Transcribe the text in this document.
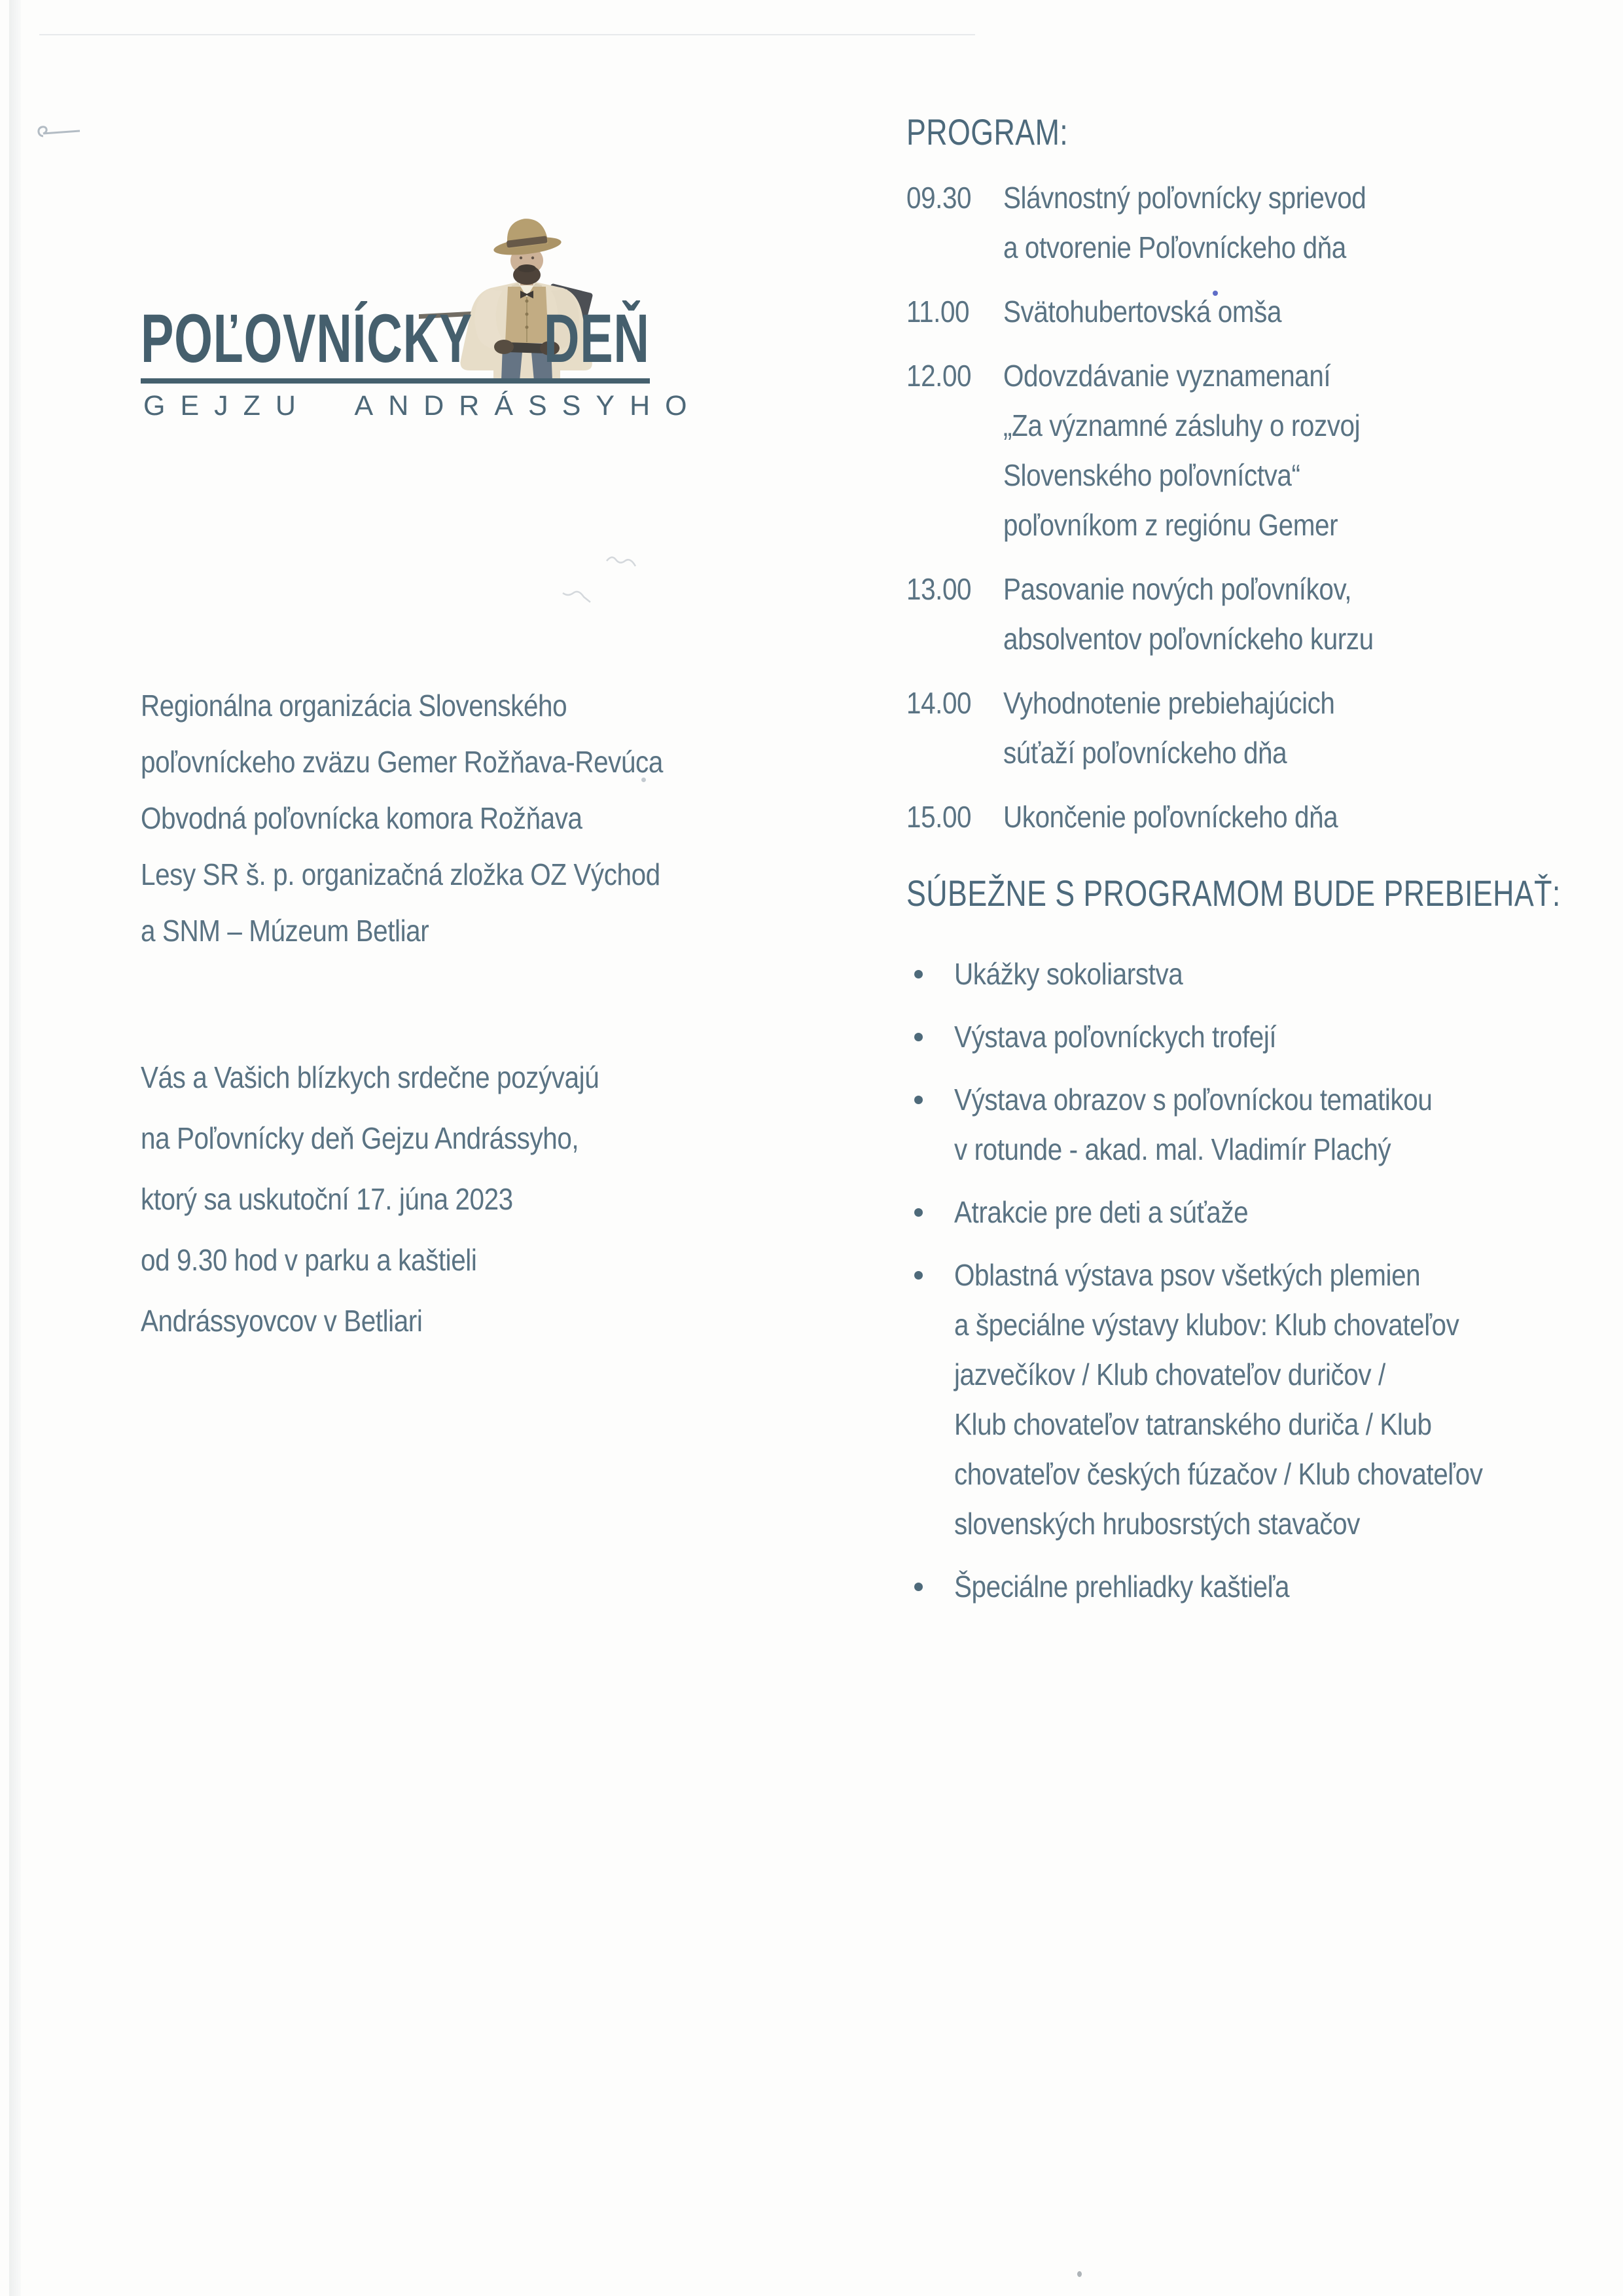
POĽOVNÍCKY DEŇ
GEJZU ANDRÁSSYHO
Regionálna organizácia Slovenského
poľovníckeho zväzu Gemer Rožňava-Revúca
Obvodná poľovnícka komora Rožňava
Lesy SR š. p. organizačná zložka OZ Východ
a SNM – Múzeum Betliar
Vás a Vašich blízkych srdečne pozývajú
na Poľovnícky deň Gejzu Andrássyho,
ktorý sa uskutoční 17. júna 2023
od 9.30 hod v parku a kaštieli
Andrássyovcov v Betliari
PROGRAM:
09.30	Slávnostný poľovnícky sprievod
a otvorenie Poľovníckeho dňa
11.00	Svätohubertovská omša
12.00	Odovzdávanie vyznamenaní
„Za významné zásluhy o rozvoj
Slovenského poľovníctva“
poľovníkom z regiónu Gemer
13.00	Pasovanie nových poľovníkov,
absolventov poľovníckeho kurzu
14.00	Vyhodnotenie prebiehajúcich
súťaží poľovníckeho dňa
15.00	Ukončenie poľovníckeho dňa
SÚBEŽNE S PROGRAMOM BUDE PREBIEHAŤ:
Ukážky sokoliarstva
Výstava poľovníckych trofejí
Výstava obrazov s poľovníckou tematikou
v rotunde - akad. mal. Vladimír Plachý
Atrakcie pre deti a súťaže
Oblastná výstava psov všetkých plemien
a špeciálne výstavy klubov: Klub chovateľov
jazvečíkov / Klub chovateľov duričov /
Klub chovateľov tatranského duriča / Klub
chovateľov českých fúzačov / Klub chovateľov
slovenských hrubosrstých stavačov
Špeciálne prehliadky kaštieľa
